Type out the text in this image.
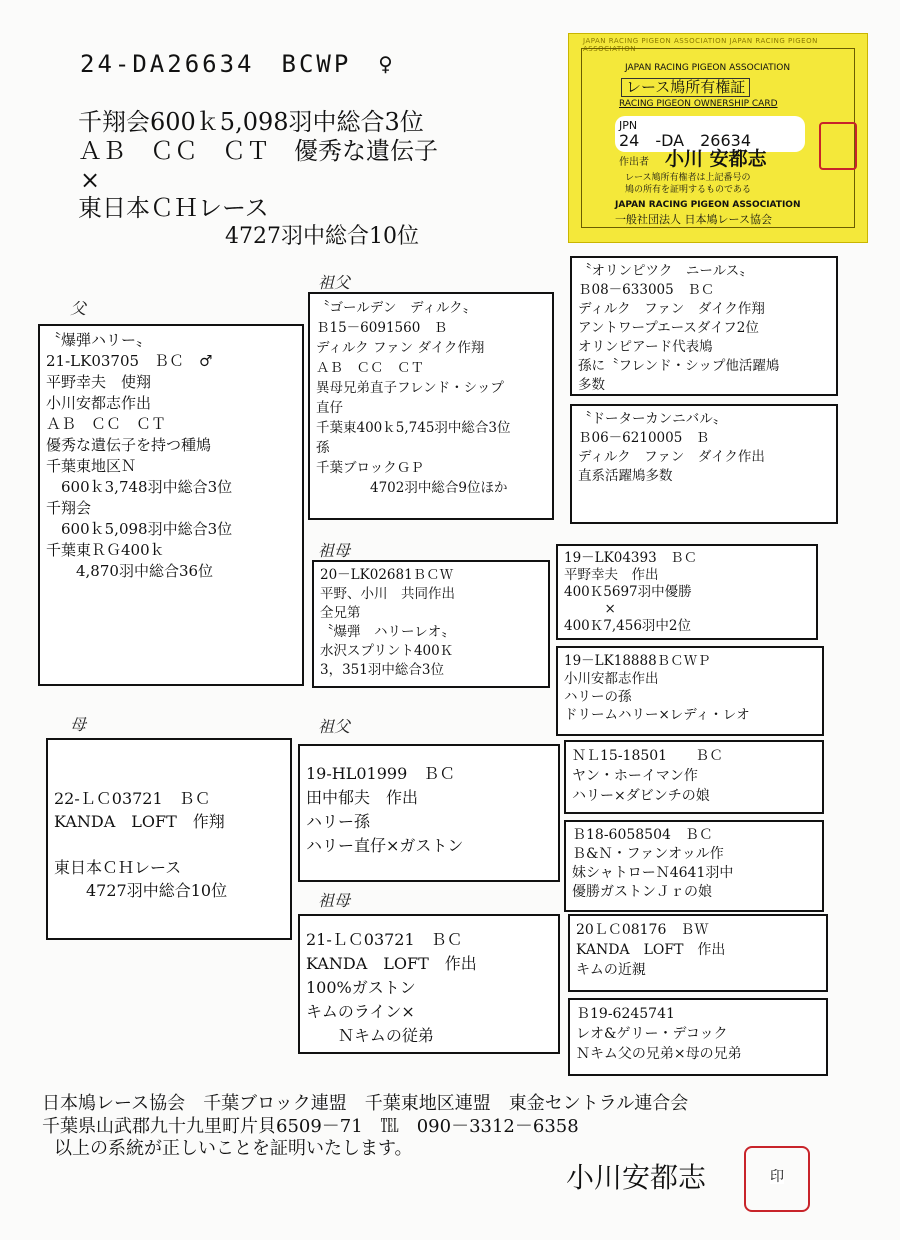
24-DA26634　BCWP　♀
千翔会600ｋ5,098羽中総合3位
ＡＢ　ＣＣ　ＣＴ　優秀な遺伝子
×
東日本ＣＨレース
4727羽中総合10位
JAPAN RACING PIGEON ASSOCIATION JAPAN RACING PIGEON ASSOCIATION
JAPAN RACING PIGEON ASSOCIATION
レース鳩所有権証
RACING PIGEON OWNERSHIP CARD
JPN
24　-DA　26634
作出者 小川 安都志
レース鳩所有権者は上記番号の
鳩の所有を証明するものである
JAPAN RACING PIGEON ASSOCIATION
一般社団法人 日本鳩レース協会
父
祖父
祖母
母	祖父
祖母
〝爆弾ハリー〟
21-LK03705　ＢＣ　♂
平野幸夫　使翔
小川安都志作出
ＡＢ　ＣＣ　ＣＴ
優秀な遺伝子を持つ種鳩
千葉東地区Ｎ
　600ｋ3,748羽中総合3位
千翔会
　600ｋ5,098羽中総合3位
千葉東ＲＧ400ｋ
　　4,870羽中総合36位
〝ゴールデン　ディルク〟
Ｂ15－6091560　Ｂ
ディルク ファン ダイク作翔
ＡＢ　ＣＣ　ＣＴ
異母兄弟直子フレンド・シップ
直仔
千葉東400ｋ5,745羽中総合3位
孫
千葉ブロックＧＰ
　　　　4702羽中総合9位ほか
〝オリンピツク　ニールス〟
Ｂ08－633005　ＢＣ
ディルク　ファン　ダイク作翔
アントワープエースダイフ2位
オリンピアード代表鳩
孫に〝フレンド・シップ他活躍鳩
多数
〝ドーターカンニバル〟
Ｂ06－6210005　Ｂ
ディルク　ファン　ダイク作出
直系活躍鳩多数
20－LK02681ＢＣＷ
平野、小川　共同作出
全兄第
〝爆弾　ハリーレオ〟
水沢スプリント400Ｋ
3，351羽中総合3位
19－LK04393　ＢＣ
平野幸夫　作出
400Ｋ5697羽中優勝
　　　×
400Ｋ7,456羽中2位
19－LK18888ＢＣＷＰ
小川安都志作出
ハリーの孫
ドリームハリー×レディ・レオ

22-ＬＣ03721　ＢＣ
KANDA　LOFT　作翔

東日本ＣＨレース
　　4727羽中総合10位
19-HL01999　ＢＣ
田中郁夫　作出
ハリー孫
ハリー直仔×ガストン
ＮＬ15-18501　　ＢＣ
ヤン・ホーイマン作
ハリー×ダビンチの娘
Ｂ18-6058504　ＢＣ
Ｂ&Ｎ・ファンオッル作
妹シャトローＮ4641羽中
優勝ガストンＪｒの娘
21-ＬＣ03721　ＢＣ
KANDA　LOFT　作出
100%ガストン
キムのライン×
　　Ｎキムの従弟
20ＬＣ08176　ＢＷ
KANDA　LOFT　作出
キムの近親
Ｂ19-6245741
レオ&ゲリー・デコック
Ｎキム父の兄弟×母の兄弟
日本鳩レース協会　千葉ブロック連盟　千葉東地区連盟　東金セントラル連合会
千葉県山武郡九十九里町片貝6509－71　℡　090－3312－6358
以上の系統が正しいことを証明いたします。
小川安都志	印
